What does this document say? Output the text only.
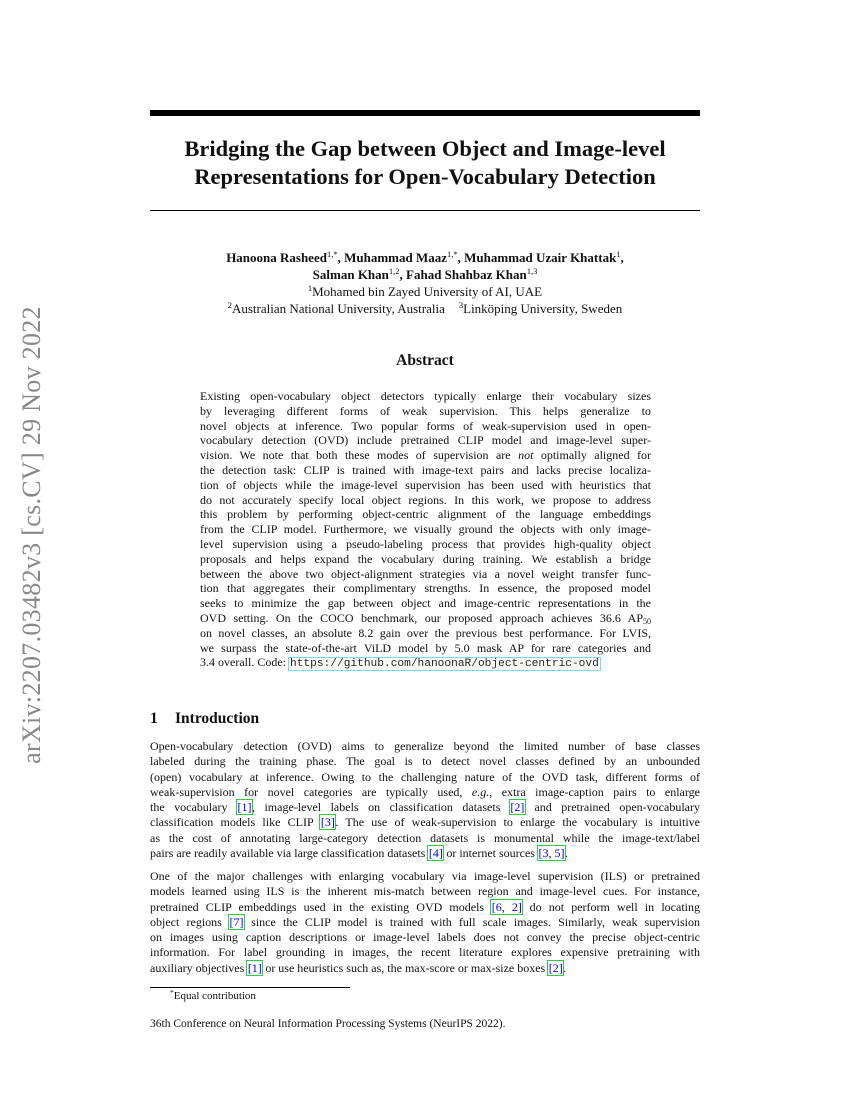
arXiv:2207.03482v3 [cs.CV] 29 Nov 2022
Bridging the Gap between Object and Image-level
Representations for Open-Vocabulary Detection
Hanoona Rasheed$^{1,*}$, Muhammad Maaz$^{1,*}$, Muhammad Uzair Khattak$^1$,
Salman Khan$^{1,2}$, Fahad Shahbaz Khan$^{1,3}$
$^1$Mohamed bin Zayed University of AI, UAE
$^2$Australian National University, Australia $^3$Linköping University, Sweden
Abstract
Existing open-vocabulary object detectors typically enlarge their vocabulary sizes
by leveraging different forms of weak supervision. This helps generalize to
novel objects at inference. Two popular forms of weak-supervision used in open-
vocabulary detection (OVD) include pretrained CLIP model and image-level super-
vision. We note that both these modes of supervision are not optimally aligned for
the detection task: CLIP is trained with image-text pairs and lacks precise localiza-
tion of objects while the image-level supervision has been used with heuristics that
do not accurately specify local object regions. In this work, we propose to address
this problem by performing object-centric alignment of the language embeddings
from the CLIP model. Furthermore, we visually ground the objects with only image-
level supervision using a pseudo-labeling process that provides high-quality object
proposals and helps expand the vocabulary during training. We establish a bridge
between the above two object-alignment strategies via a novel weight transfer func-
tion that aggregates their complimentary strengths. In essence, the proposed model
seeks to minimize the gap between object and image-centric representations in the
OVD setting. On the COCO benchmark, our proposed approach achieves 36.6 $AP_{50}$
on novel classes, an absolute 8.2 gain over the previous best performance. For LVIS,
we surpass the state-of-the-art ViLD model by 5.0 mask AP for rare categories and
3.4 overall. Code: https://github.com/hanoonaR/object-centric-ovd
1 Introduction
Open-vocabulary detection (OVD) aims to generalize beyond the limited number of base classes
labeled during the training phase. The goal is to detect novel classes defined by an unbounded
(open) vocabulary at inference. Owing to the challenging nature of the OVD task, different forms of
weak-supervision for novel categories are typically used, e.g., extra image-caption pairs to enlarge
the vocabulary [1], image-level labels on classification datasets [2] and pretrained open-vocabulary
classification models like CLIP [3]. The use of weak-supervision to enlarge the vocabulary is intuitive
as the cost of annotating large-category detection datasets is monumental while the image-text/label
pairs are readily available via large classification datasets [4] or internet sources [3, 5].
One of the major challenges with enlarging vocabulary via image-level supervision (ILS) or pretrained
models learned using ILS is the inherent mis-match between region and image-level cues. For instance,
pretrained CLIP embeddings used in the existing OVD models [6, 2] do not perform well in locating
object regions [7] since the CLIP model is trained with full scale images. Similarly, weak supervision
on images using caption descriptions or image-level labels does not convey the precise object-centric
information. For label grounding in images, the recent literature explores expensive pretraining with
auxiliary objectives [1] or use heuristics such as, the max-score or max-size boxes [2].
*Equal contribution
36th Conference on Neural Information Processing Systems (NeurIPS 2022).
